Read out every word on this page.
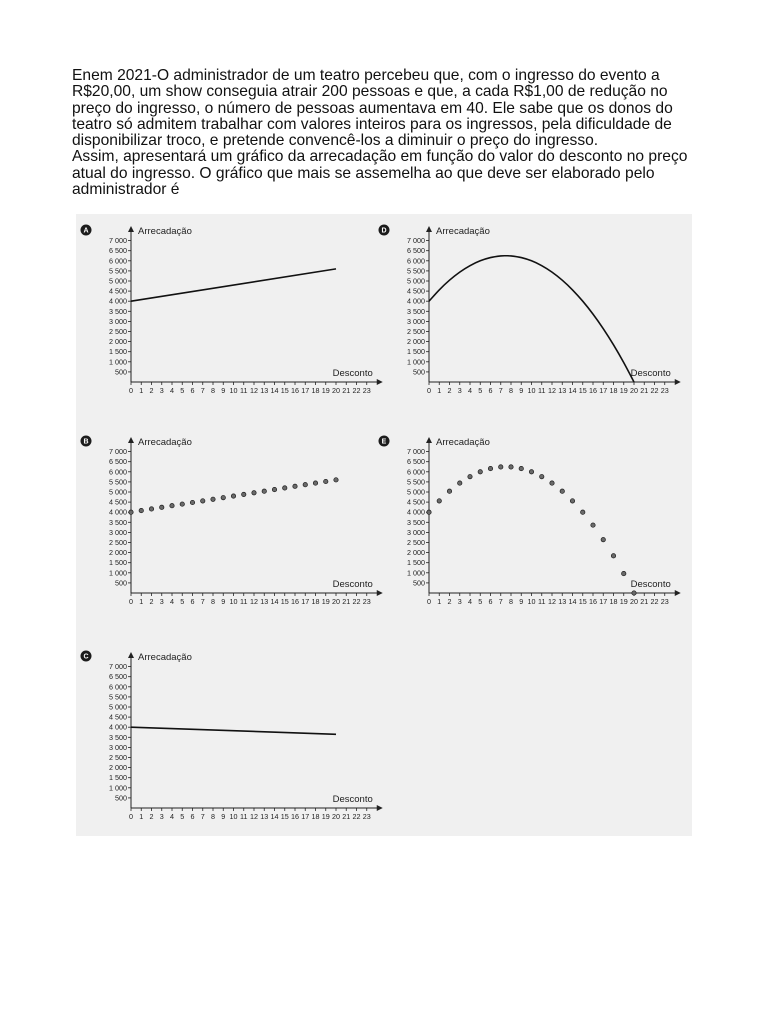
Enem 2021-O administrador de um teatro percebeu que, com o ingresso do evento a R$20,00, um show conseguia atrair 200 pessoas e que, a cada R$1,00 de redução no preço do ingresso, o número de pessoas aumentava em 40. Ele sabe que os donos do teatro só admitem trabalhar com valores inteiros para os ingressos, pela dificuldade de disponibilizar troco, e pretende convencê-los a diminuir o preço do ingresso.

Assim, apresentará um gráfico da arrecadação em função do valor do desconto no preço atual do ingresso. O gráfico que mais se assemelha ao que deve ser elaborado pelo administrador é

A	Arrecadação
Desconto
0 1 2 3 4 5 6 7 8 9 10 11 12 13 14 15 16 17 18 19 20 21 22 23
7 000
6 500
6 000
5 500
5 000
4 500
4 000
3 500
3 000
2 500
2 000
1 500
1 000
500
D	Arrecadação
Desconto
0 1 2 3 4 5 6 7 8 9 10 11 12 13 14 15 16 17 18 19 20 21 22 23
7 000
6 500
6 000
5 500
5 000
4 500
4 000
3 500
3 000
2 500
2 000
1 500
1 000
500
B	Arrecadação
Desconto
0 1 2 3 4 5 6 7 8 9 10 11 12 13 14 15 16 17 18 19 20 21 22 23
7 000
6 500
6 000
5 500
5 000
4 500
4 000
3 500
3 000
2 500
2 000
1 500
1 000
500
E	Arrecadação
Desconto
0 1 2 3 4 5 6 7 8 9 10 11 12 13 14 15 16 17 18 19 20 21 22 23
7 000
6 500
6 000
5 500
5 000
4 500
4 000
3 500
3 000
2 500
2 000
1 500
1 000
500
C	Arrecadação
Desconto
0 1 2 3 4 5 6 7 8 9 10 11 12 13 14 15 16 17 18 19 20 21 22 23
7 000
6 500
6 000
5 500
5 000
4 500
4 000
3 500
3 000
2 500
2 000
1 500
1 000
500
